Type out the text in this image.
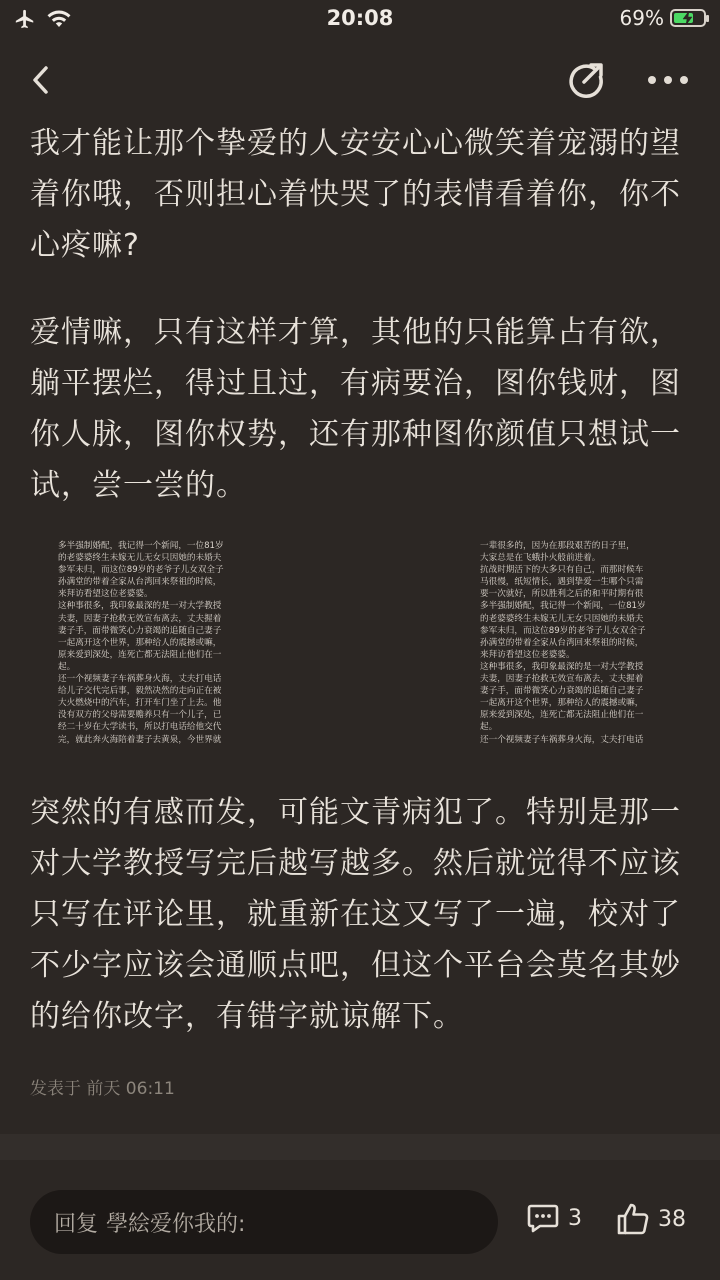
20:08	69%

我才能让那个挚爱的人安安心心微笑着宠溺的望着你哦，否则担心着快哭了的表情看着你，你不心疼嘛?

爱情嘛，只有这样才算，其他的只能算占有欲，躺平摆烂，得过且过，有病要治，图你钱财，图你人脉，图你权势，还有那种图你颜值只想试一试，尝一尝的。

多半强制婚配，我记得一个新闻，一位81岁

的老婆婆终生未嫁无儿无女只因她的未婚夫

参军未归，而这位89岁的老爷子儿女双全子

孙满堂的带着全家从台湾回来祭祖的时候，

来拜访看望这位老婆婆。

这种事很多，我印象最深的是一对大学教授

夫妻，因妻子抢救无效宣布离去，丈夫握着

妻子手，面带微笑心力衰竭的追随自己妻子

一起离开这个世界，那种给人的震撼或嘛，

原来爱到深处，连死亡都无法阻止他们在一

起。

还一个视频妻子车祸葬身火海，丈夫打电话

给儿子交代完后事，毅然决然的走向正在被

大火燃烧中的汽车，打开车门坐了上去。他

没有双方的父母需要赡养只有一个儿子，已

经二十岁在大学读书，所以打电话给他交代

完，就此奔火海陪着妻子去黄泉，今世界就

一辈很多的，因为在那段艰苦的日子里，

大家总是在飞蛾扑火般前进着。

抗战时期活下的大多只有自己，而那时候车

马很慢，纸短情长，遇到挚爱一生哪个只需

要一次就好，所以胜利之后的和平时期有很

多半强制婚配，我记得一个新闻，一位81岁

的老婆婆终生未嫁无儿无女只因她的未婚夫

参军未归，而这位89岁的老爷子儿女双全子

孙满堂的带着全家从台湾回来祭祖的时候，

来拜访看望这位老婆婆。

这种事很多，我印象最深的是一对大学教授

夫妻，因妻子抢救无效宣布离去，丈夫握着

妻子手，面带微笑心力衰竭的追随自己妻子

一起离开这个世界，那种给人的震撼或嘛，

原来爱到深处，连死亡都无法阻止他们在一

起。

还一个视频妻子车祸葬身火海，丈夫打电话

突然的有感而发，可能文青病犯了。特别是那一对大学教授写完后越写越多。然后就觉得不应该只写在评论里，就重新在这又写了一遍，校对了不少字应该会通顺点吧，但这个平台会莫名其妙的给你改字，有错字就谅解下。

发表于 前天 06:11
回复 學絵爱你我的:	3	38
